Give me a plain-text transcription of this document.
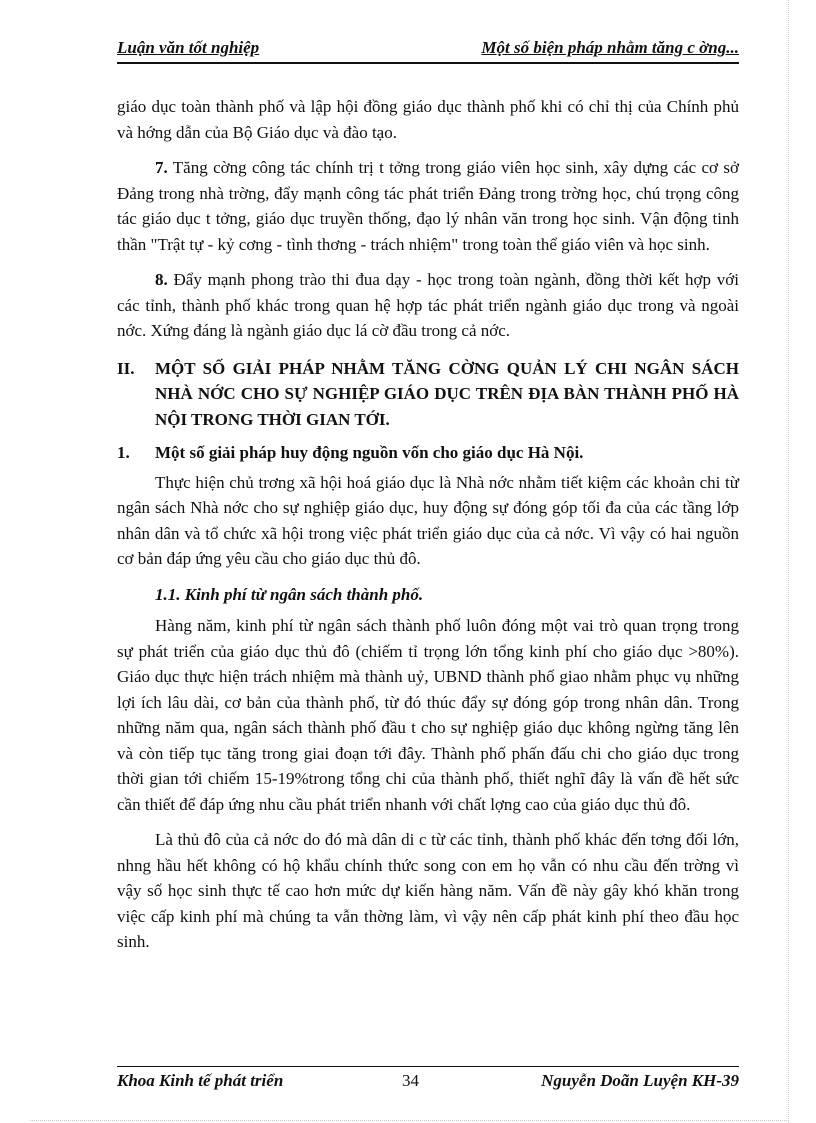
Luận văn tốt nghiệp	Một số biện pháp nhằm tăng c ờng...

giáo dục toàn thành phố và lập hội đồng giáo dục thành phố khi có chỉ thị của Chính phủ và hớng dẫn của Bộ Giáo dục và đào tạo.

7. Tăng cờng công tác chính trị t tởng trong giáo viên học sinh, xây dựng các cơ sở Đảng trong nhà trờng, đẩy mạnh công tác phát triển Đảng trong trờng học, chú trọng công tác giáo dục t tởng, giáo dục truyền thống, đạo lý nhân văn trong học sinh. Vận động tinh thần "Trật tự - kỷ cơng - tình thơng - trách nhiệm" trong toàn thể giáo viên và học sinh.

8. Đẩy mạnh phong trào thi đua dạy - học trong toàn ngành, đồng thời kết hợp với các tỉnh, thành phố khác trong quan hệ hợp tác phát triển ngành giáo dục trong và ngoài nớc. Xứng đáng là ngành giáo dục lá cờ đầu trong cả nớc.

II.	MỘT SỐ GIẢI PHÁP NHẰM TĂNG CỜNG QUẢN LÝ CHI NGÂN SÁCH NHÀ NỚC CHO SỰ NGHIỆP GIÁO DỤC TRÊN ĐỊA BÀN THÀNH PHỐ HÀ NỘI TRONG THỜI GIAN TỚI.
1.	Một số giải pháp huy động nguồn vốn cho giáo dục Hà Nội.

Thực hiện chủ trơng xã hội hoá giáo dục là Nhà nớc nhằm tiết kiệm các khoản chi từ ngân sách Nhà nớc cho sự nghiệp giáo dục, huy động sự đóng góp tối đa của các tầng lớp nhân dân và tổ chức xã hội trong việc phát triển giáo dục của cả nớc. Vì vậy có hai nguồn cơ bản đáp ứng yêu cầu cho giáo dục thủ đô.

1.1. Kinh phí từ ngân sách thành phố.

Hàng năm, kinh phí từ ngân sách thành phố luôn đóng một vai trò quan trọng trong sự phát triển của giáo dục thủ đô (chiếm tỉ trọng lớn tổng kinh phí cho giáo dục >80%). Giáo dục thực hiện trách nhiệm mà thành uỷ, UBND thành phố giao nhằm phục vụ những lợi ích lâu dài, cơ bản của thành phố, từ đó thúc đẩy sự đóng góp trong nhân dân. Trong những năm qua, ngân sách thành phố đầu t cho sự nghiệp giáo dục không ngừng tăng lên và còn tiếp tục tăng trong giai đoạn tới đây. Thành phố phấn đấu chi cho giáo dục trong thời gian tới chiếm 15-19%trong tổng chi của thành phố, thiết nghĩ đây là vấn đề hết sức cần thiết để đáp ứng nhu cầu phát triển nhanh với chất lợng cao của giáo dục thủ đô.

Là thủ đô của cả nớc do đó mà dân di c từ các tỉnh, thành phố khác đến tơng đối lớn, nhng hầu hết không có hộ khẩu chính thức song con em họ vẫn có nhu cầu đến trờng vì vậy số học sinh thực tế cao hơn mức dự kiến hàng năm. Vấn đề này gây khó khăn trong việc cấp kinh phí mà chúng ta vẫn thờng làm, vì vậy nên cấp phát kinh phí theo đầu học sinh.

Khoa Kinh tế phát triển	34	Nguyễn Doãn Luyện KH-39
